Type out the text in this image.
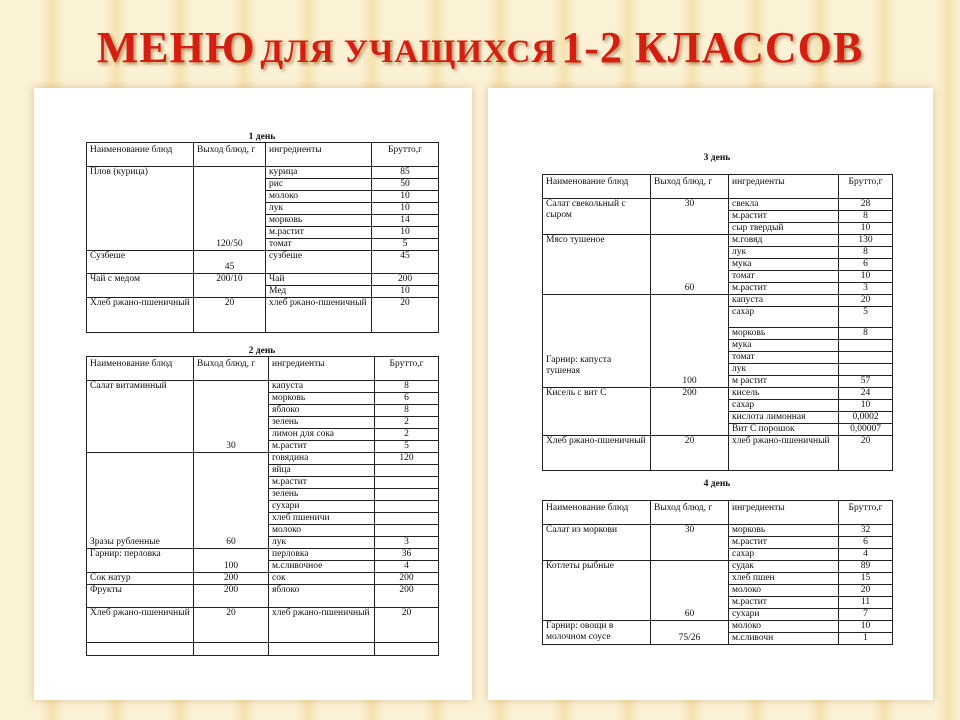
МЕНЮ ДЛЯ УЧАЩИХСЯ 1-2 КЛАССОВ
1 день
Наименование блюд	Выход блюд, г	ингредиенты	Брутто,г
Плов (курица)	120/50	курица	85
		рис	50
		молоко	10
		лук	10
		морковь	14
		м.растит	10
		томат	5
Сузбеше	45	сузбеше	45
Чай с медом	200/10	Чай	200
		Мед	10
Хлеб ржано-пшеничный	20	хлеб ржано-пшеничный	20
2 день
Наименование блюд	Выход блюд, г	ингредиенты	Брутто,г
Салат витаминный	30	капуста	8
		морковь	6
		яблоко	8
		зелень	2
		лимон для сока	2
		м.растит	5
Зразы рубленные	60	говядина	120
		яйца	
		м.растит	
		зелень	
		сухари	
		хлеб пшеничи	
		молоко	
		лук	3
Гарнир: перловка	100	перловка	36
		м.сливочное	4
Сок натур	200	сок	200
Фрукты	200	яблоко	200
Хлеб ржано-пшеничный	20	хлеб ржано-пшеничный	20

3 день
Наименование блюд	Выход блюд, г	ингредиенты	Брутто,г
Салат свекольный с сыром	30	свекла	28
		м.растит	8
		сыр твердый	10
Мясо тушеное	60	м.говяд	130
		лук	8
		мука	6
		томат	10
		м.растит	3
Гарнир: капуста тушеная	100	капуста	20
		сахар	5
		морковь	8
		мука	
		томат	
		лук	
		м растит	57
Кисель с вит С	200	кисель	24
		сахар	10
		кислота лимонная	0,0002
		Вит С порошок	0,00007
Хлеб ржано-пшеничный	20	хлеб ржано-пшеничный	20
4 день
Наименование блюд	Выход блюд, г	ингредиенты	Брутто,г
Салат из моркови	30	морковь	32
		м.растит	6
		сахар	4
Котлеты рыбные	60	судак	89
		хлеб пшен	15
		молоко	20
		м.растит	11
		сухари	7
Гарнир: овощи в молочном соусе	75/26	молоко	10
		м.сливочн	1
